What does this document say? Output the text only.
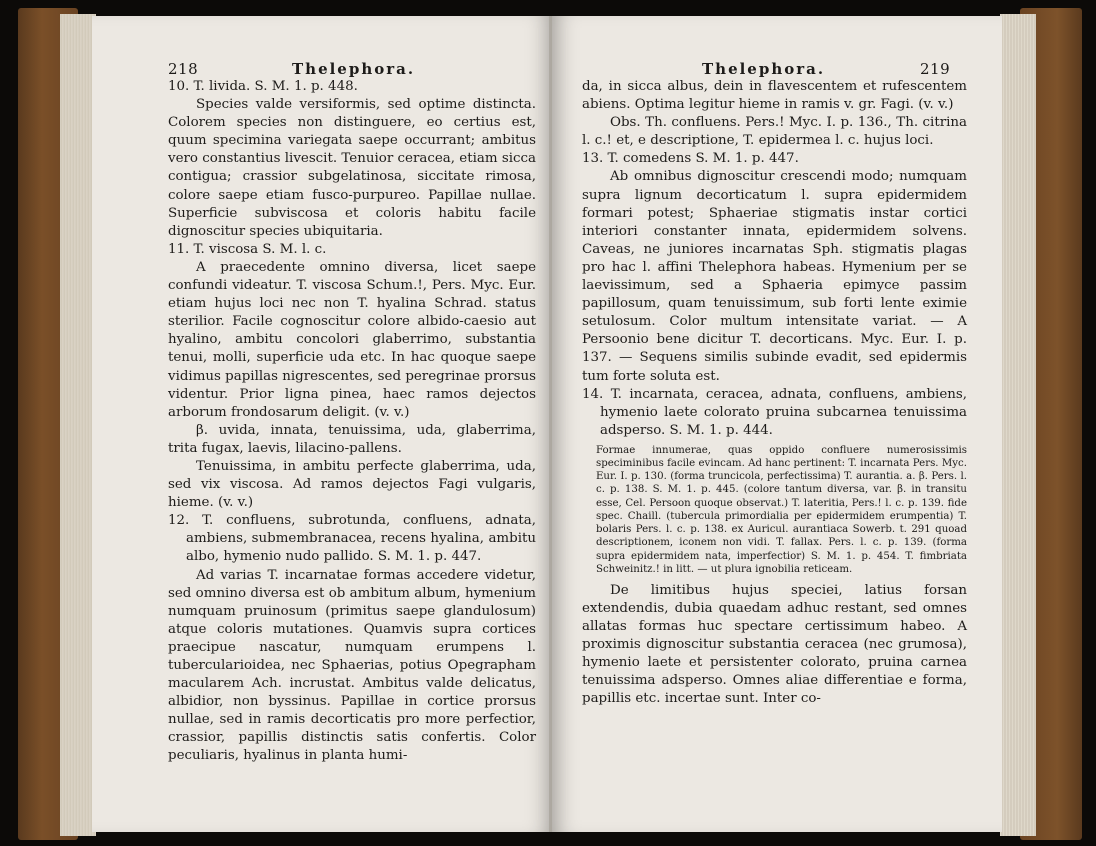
218	Thelephora.

10. T. livida. S. M. 1. p. 448.

Species valde versiformis, sed optime distincta. Colorem species non distinguere, eo certius est, quum specimina variegata saepe occurrant; ambitus vero constantius livescit. Tenuior ceracea, etiam sicca contigua; crassior subgelatinosa, siccitate rimosa, colore saepe etiam fusco-purpureo. Papillae nullae. Superficie subviscosa et coloris habitu facile dignoscitur species ubiquitaria.

11. T. viscosa S. M. l. c.

A praecedente omnino diversa, licet saepe confundi videatur. T. viscosa Schum.!, Pers. Myc. Eur. etiam hujus loci nec non T. hyalina Schrad. status sterilior. Facile cognoscitur colore albido-caesio aut hyalino, ambitu concolori glaberrimo, substantia tenui, molli, superficie uda etc. In hac quoque saepe vidimus papillas nigrescentes, sed peregrinae prorsus videntur. Prior ligna pinea, haec ramos dejectos arborum frondosarum deligit. (v. v.)

β. uvida, innata, tenuissima, uda, glaberrima, trita fugax, laevis, lilacino-pallens.

Tenuissima, in ambitu perfecte glaberrima, uda, sed vix viscosa. Ad ramos dejectos Fagi vulgaris, hieme. (v. v.)

12. T. confluens, subrotunda, confluens, adnata, ambiens, submembranacea, recens hyalina, ambitu albo, hymenio nudo pallido. S. M. 1. p. 447.

Ad varias T. incarnatae formas accedere videtur, sed omnino diversa est ob ambitum album, hymenium numquam pruinosum (primitus saepe glandulosum) atque coloris mutationes. Quamvis supra cortices praecipue nascatur, numquam erumpens l. tubercularioidea, nec Sphaerias, potius Opegrapham macularem Ach. incrustat. Ambitus valde delicatus, albidior, non byssinus. Papillae in cortice prorsus nullae, sed in ramis decorticatis pro more perfectior, crassior, papillis distinctis satis confertis. Color peculiaris, hyalinus in planta humi-

Thelephora.	219

da, in sicca albus, dein in flavescentem et rufescentem abiens. Optima legitur hieme in ramis v. gr. Fagi. (v. v.)

Obs. Th. confluens. Pers.! Myc. I. p. 136., Th. citrina l. c.! et, e descriptione, T. epidermea l. c. hujus loci.

13. T. comedens S. M. 1. p. 447.

Ab omnibus dignoscitur crescendi modo; numquam supra lignum decorticatum l. supra epidermidem formari potest; Sphaeriae stigmatis instar cortici interiori constanter innata, epidermidem solvens. Caveas, ne juniores incarnatas Sph. stigmatis plagas pro hac l. affini Thelephora habeas. Hymenium per se laevissimum, sed a Sphaeria epimyce passim papillosum, quam tenuissimum, sub forti lente eximie setulosum. Color multum intensitate variat. — A Persoonio bene dicitur T. decorticans. Myc. Eur. I. p. 137. — Sequens similis subinde evadit, sed epidermis tum forte soluta est.

14. T. incarnata, ceracea, adnata, confluens, ambiens, hymenio laete colorato pruina subcarnea tenuissima adsperso. S. M. 1. p. 444.

Formae innumerae, quas oppido confluere numerosissimis speciminibus facile evincam. Ad hanc pertinent: T. incarnata Pers. Myc. Eur. I. p. 130. (forma truncicola, perfectissima) T. aurantia. a. β. Pers. l. c. p. 138. S. M. 1. p. 445. (colore tantum diversa, var. β. in transitu esse, Cel. Persoon quoque observat.) T. lateritia, Pers.! l. c. p. 139. fide spec. Chaill. (tubercula primordialia per epidermidem erumpentia) T. bolaris Pers. l. c. p. 138. ex Auricul. aurantiaca Sowerb. t. 291 quoad descriptionem, iconem non vidi. T. fallax. Pers. l. c. p. 139. (forma supra epidermidem nata, imperfectior) S. M. 1. p. 454. T. fimbriata Schweinitz.! in litt. — ut plura ignobilia reticeam.

De limitibus hujus speciei, latius forsan extendendis, dubia quaedam adhuc restant, sed omnes allatas formas huc spectare certissimum habeo. A proximis dignoscitur substantia ceracea (nec grumosa), hymenio laete et persistenter colorato, pruina carnea tenuissima adsperso. Omnes aliae differentiae e forma, papillis etc. incertae sunt. Inter co-
